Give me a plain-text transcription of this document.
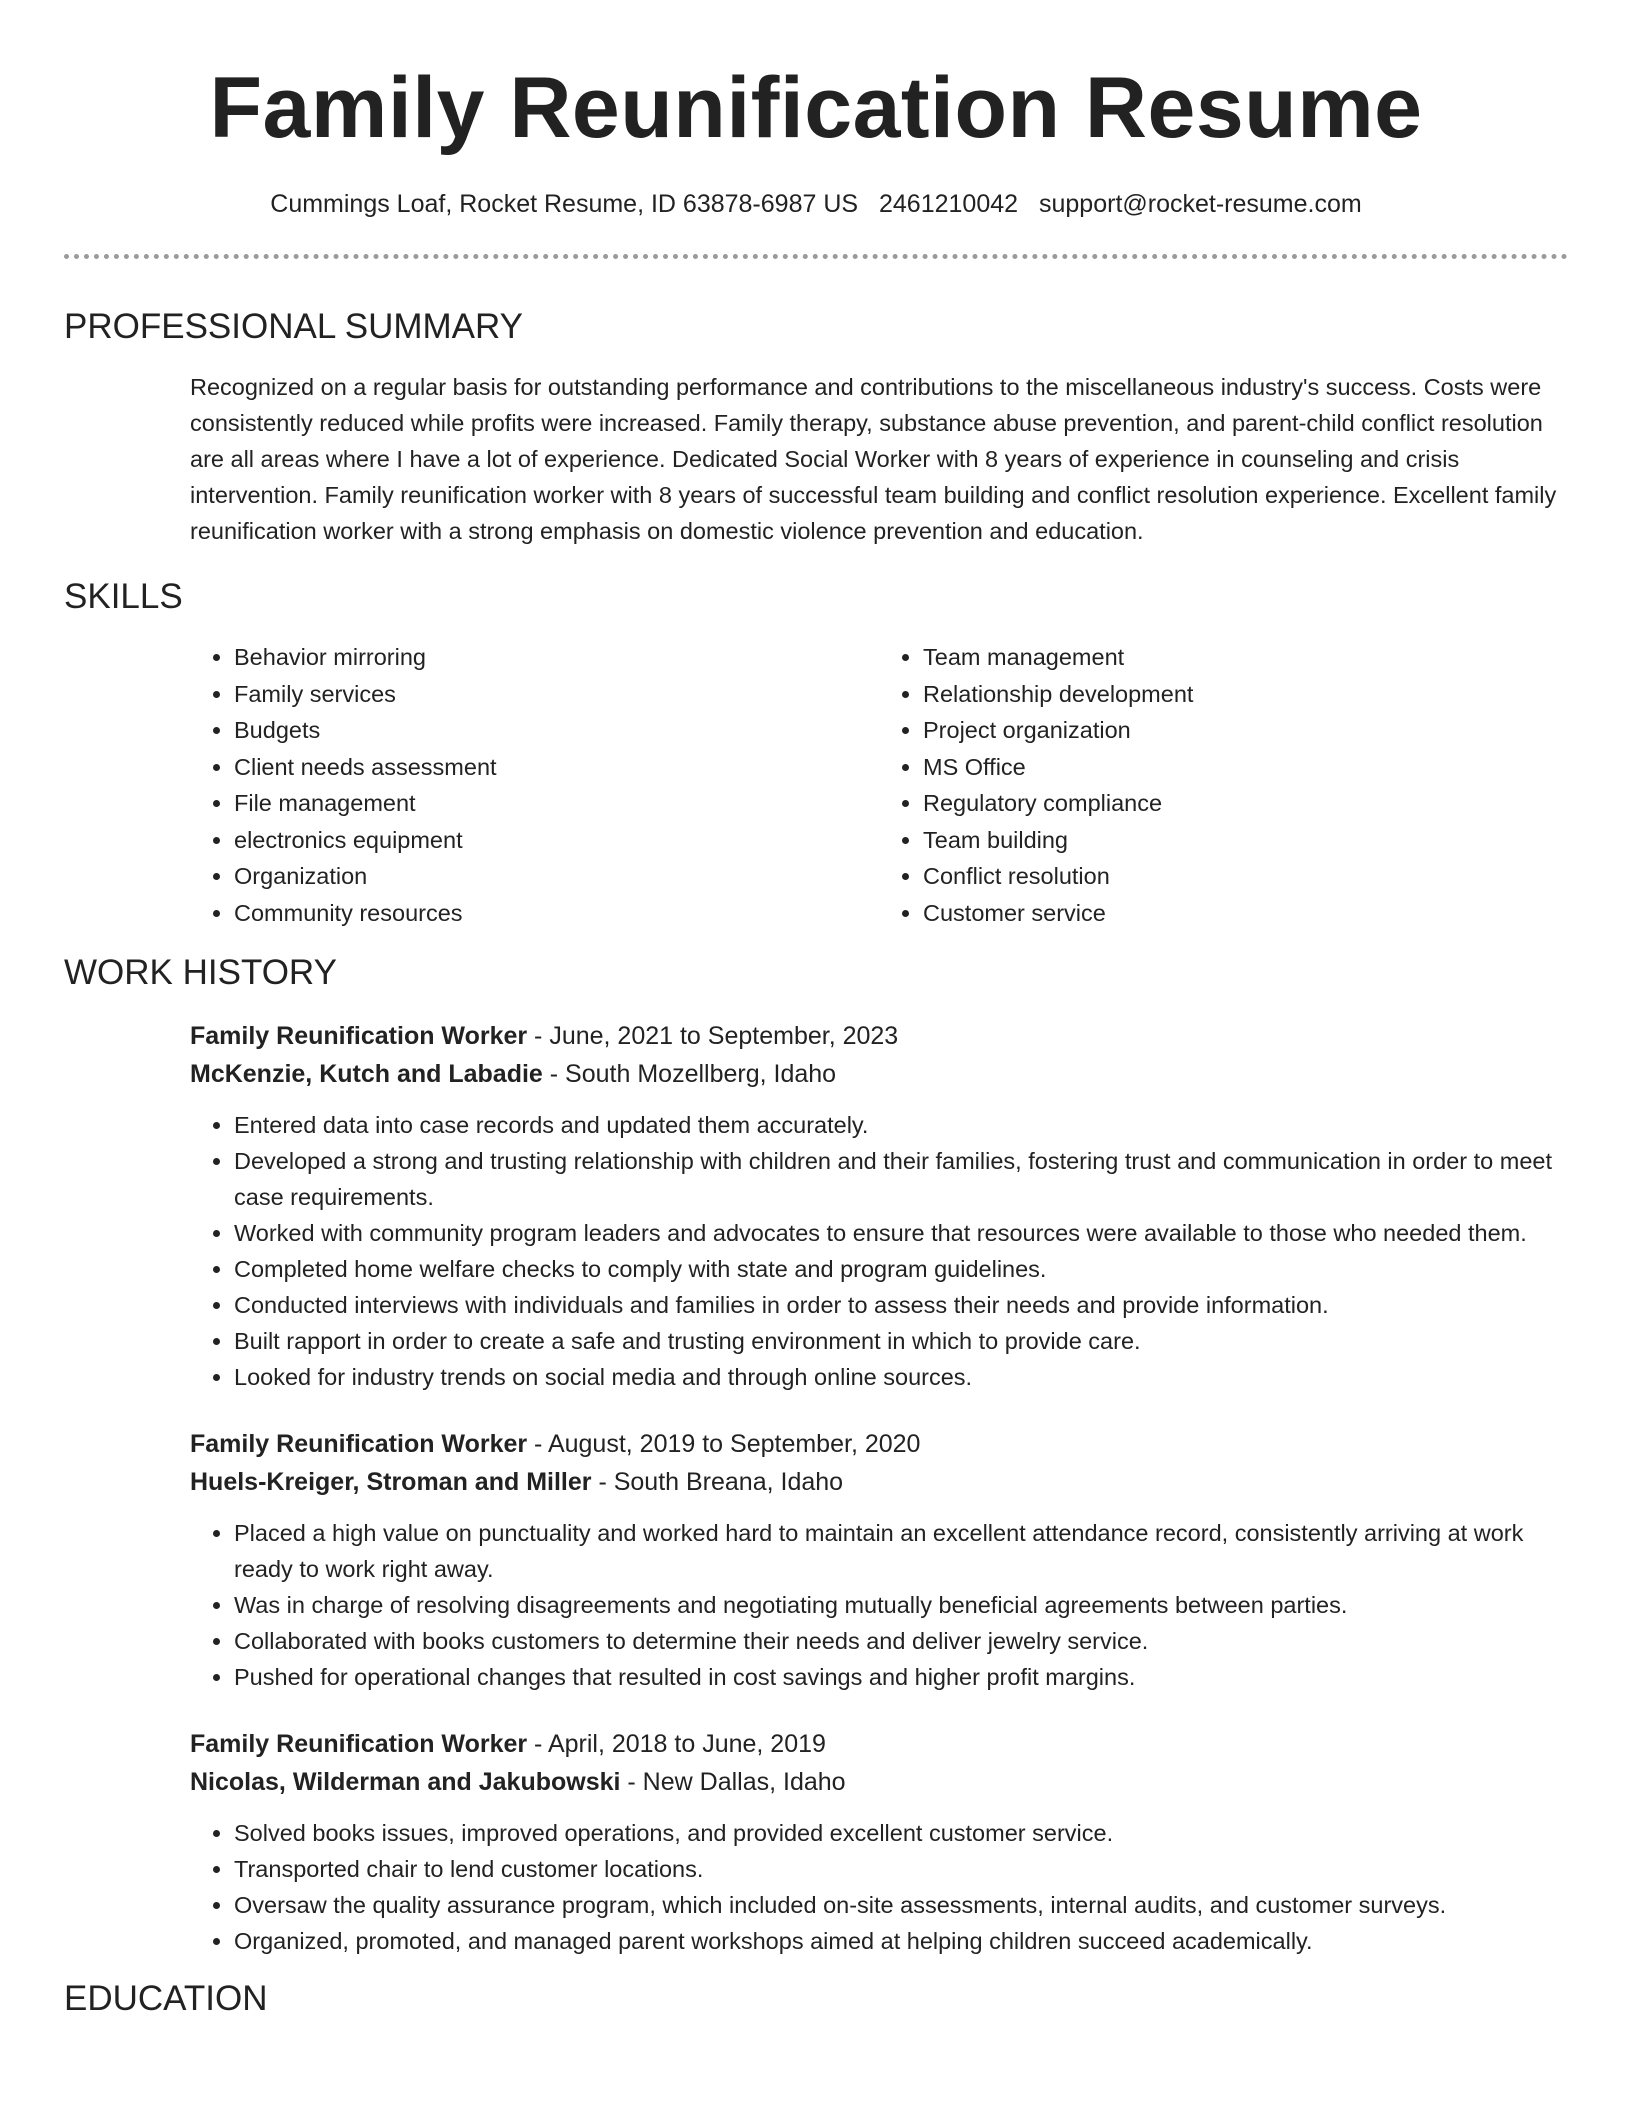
Family Reunification Resume
Cummings Loaf, Rocket Resume, ID 63878-6987 US 2461210042 support@rocket-resume.com
PROFESSIONAL SUMMARY

Recognized on a regular basis for outstanding performance and contributions to the miscellaneous industry's success. Costs were consistently reduced while profits were increased. Family therapy, substance abuse prevention, and parent-child conflict resolution are all areas where I have a lot of experience. Dedicated Social Worker with 8 years of experience in counseling and crisis intervention. Family reunification worker with 8 years of successful team building and conflict resolution experience. Excellent family reunification worker with a strong emphasis on domestic violence prevention and education.

SKILLS
• Behavior mirroring
• Family services
• Budgets
• Client needs assessment
• File management
• electronics equipment
• Organization
• Community resources
• Team management
• Relationship development
• Project organization
• MS Office
• Regulatory compliance
• Team building
• Conflict resolution
• Customer service
WORK HISTORY
Family Reunification Worker - June, 2021 to September, 2023
McKenzie, Kutch and Labadie - South Mozellberg, Idaho
• Entered data into case records and updated them accurately.
• Developed a strong and trusting relationship with children and their families, fostering trust and communication in order to meet case requirements.
• Worked with community program leaders and advocates to ensure that resources were available to those who needed them.
• Completed home welfare checks to comply with state and program guidelines.
• Conducted interviews with individuals and families in order to assess their needs and provide information.
• Built rapport in order to create a safe and trusting environment in which to provide care.
• Looked for industry trends on social media and through online sources.
Family Reunification Worker - August, 2019 to September, 2020
Huels-Kreiger, Stroman and Miller - South Breana, Idaho
• Placed a high value on punctuality and worked hard to maintain an excellent attendance record, consistently arriving at work ready to work right away.
• Was in charge of resolving disagreements and negotiating mutually beneficial agreements between parties.
• Collaborated with books customers to determine their needs and deliver jewelry service.
• Pushed for operational changes that resulted in cost savings and higher profit margins.
Family Reunification Worker - April, 2018 to June, 2019
Nicolas, Wilderman and Jakubowski - New Dallas, Idaho
• Solved books issues, improved operations, and provided excellent customer service.
• Transported chair to lend customer locations.
• Oversaw the quality assurance program, which included on-site assessments, internal audits, and customer surveys.
• Organized, promoted, and managed parent workshops aimed at helping children succeed academically.
EDUCATION
